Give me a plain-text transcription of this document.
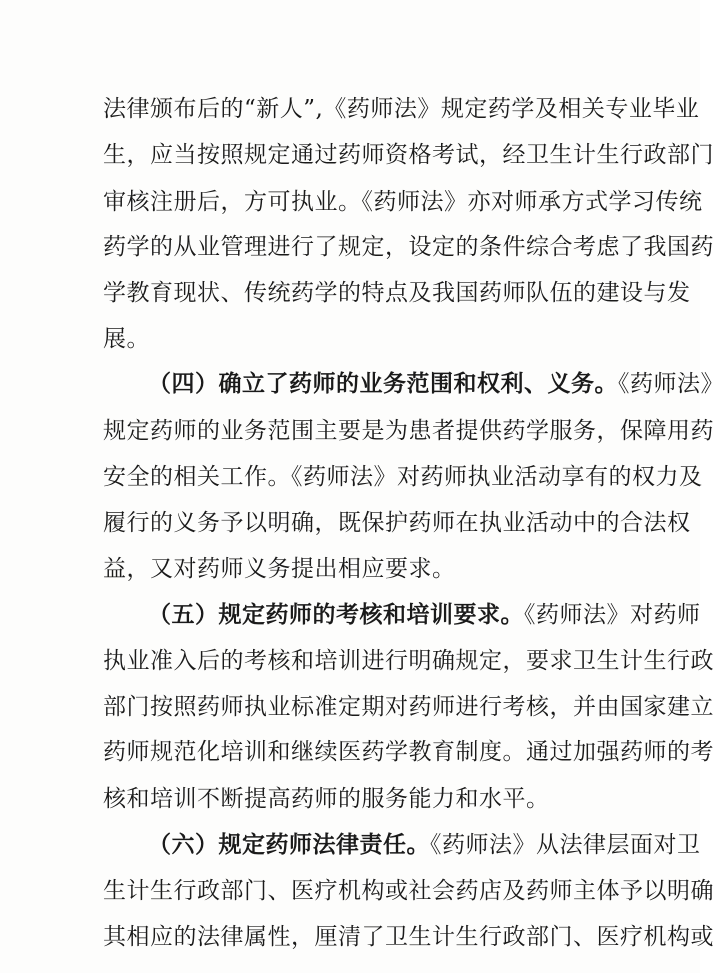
法律颁布后的“新人”,《药师法》规定药学及相关专业毕业
生，应当按照规定通过药师资格考试，经卫生计生行政部门
审核注册后，方可执业。《药师法》亦对师承方式学习传统
药学的从业管理进行了规定，设定的条件综合考虑了我国药
学教育现状、传统药学的特点及我国药师队伍的建设与发
展。
（四）确立了药师的业务范围和权利、义务。《药师法》
规定药师的业务范围主要是为患者提供药学服务，保障用药
安全的相关工作。《药师法》对药师执业活动享有的权力及
履行的义务予以明确，既保护药师在执业活动中的合法权
益，又对药师义务提出相应要求。
（五）规定药师的考核和培训要求。《药师法》对药师
执业准入后的考核和培训进行明确规定，要求卫生计生行政
部门按照药师执业标准定期对药师进行考核，并由国家建立
药师规范化培训和继续医药学教育制度。通过加强药师的考
核和培训不断提高药师的服务能力和水平。
（六）规定药师法律责任。《药师法》从法律层面对卫
生计生行政部门、医疗机构或社会药店及药师主体予以明确
其相应的法律属性，厘清了卫生计生行政部门、医疗机构或
